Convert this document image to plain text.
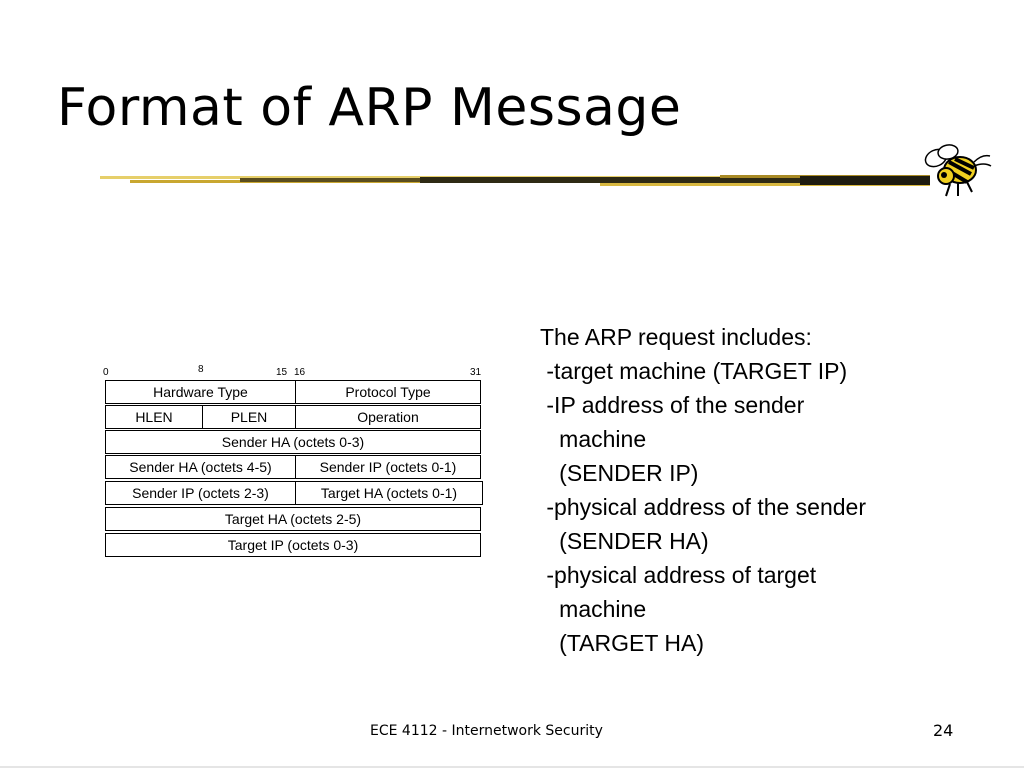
Format of ARP Message
0	8	15 16	31
Hardware Type	Protocol Type
HLEN	PLEN	Operation
Sender HA (octets 0-3)
Sender HA (octets 4-5)	Sender IP (octets 0-1)
Sender IP (octets 2-3)	Target HA (octets 0-1)
Target HA (octets 2-5)
Target IP (octets 0-3)
The ARP request includes:
-target machine (TARGET IP)
-IP address of the sender
machine
(SENDER IP)
-physical address of the sender
(SENDER HA)
-physical address of target
machine
(TARGET HA)
ECE 4112 - Internetwork Security	24
